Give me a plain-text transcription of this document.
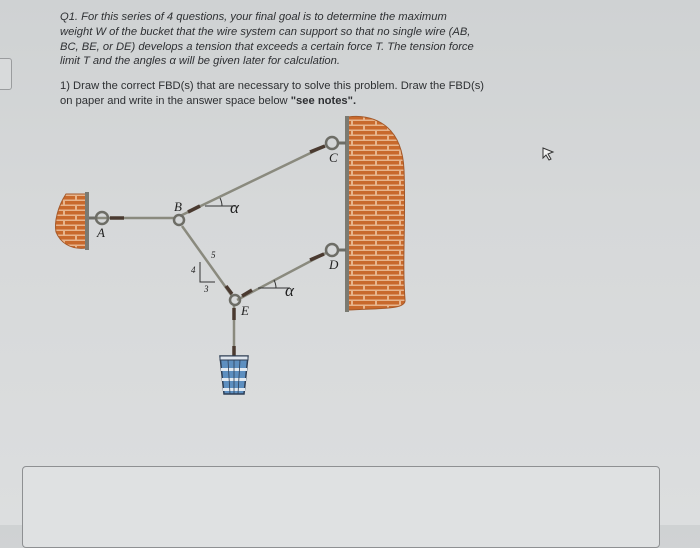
Q1. For this series of 4 questions, your final goal is to determine the maximum

weight W of the bucket that the wire system can support so that no single wire (AB,

BC, BE, or DE) develops a tension that exceeds a certain force T. The tension force

limit T and the angles α will be given later for calculation.

1) Draw the correct FBD(s) that are necessary to solve this problem. Draw the FBD(s)
on paper and write in the answer space below "see notes".
A
B
C
D
E
α
α
4
3
5
